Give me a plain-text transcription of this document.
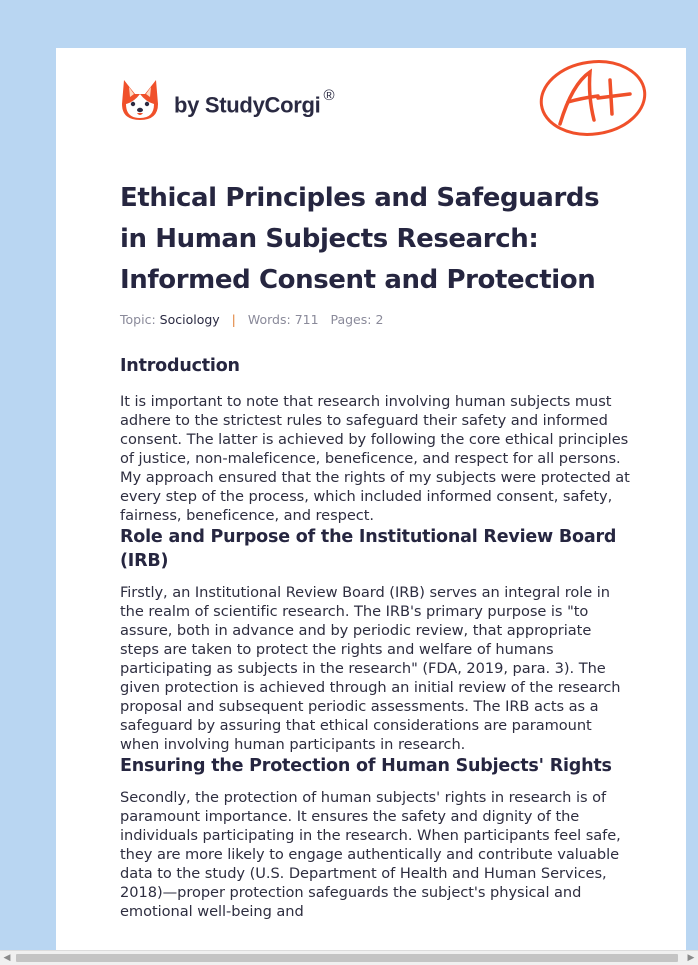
by StudyCorgi ®
Ethical Principles and Safeguards in Human Subjects Research: Informed Consent and Protection
Topic: Sociology | Words: 711 Pages: 2
Introduction

It is important to note that research involving human subjects must adhere to the strictest rules to safeguard their safety and informed consent. The latter is achieved by following the core ethical principles of justice, non-maleficence, beneficence, and respect for all persons. My approach ensured that the rights of my subjects were protected at every step of the process, which included informed consent, safety, fairness, beneficence, and respect.

Role and Purpose of the Institutional Review Board (IRB)

Firstly, an Institutional Review Board (IRB) serves an integral role in the realm of scientific research. The IRB's primary purpose is "to assure, both in advance and by periodic review, that appropriate steps are taken to protect the rights and welfare of humans participating as subjects in the research" (FDA, 2019, para. 3). The given protection is achieved through an initial review of the research proposal and subsequent periodic assessments. The IRB acts as a safeguard by assuring that ethical considerations are paramount when involving human participants in research.

Ensuring the Protection of Human Subjects' Rights

Secondly, the protection of human subjects' rights in research is of paramount importance. It ensures the safety and dignity of the individuals participating in the research. When participants feel safe, they are more likely to engage authentically and contribute valuable data to the study (U.S. Department of Health and Human Services, 2018)—proper protection safeguards the subject's physical and emotional well-being and

◀	▶
